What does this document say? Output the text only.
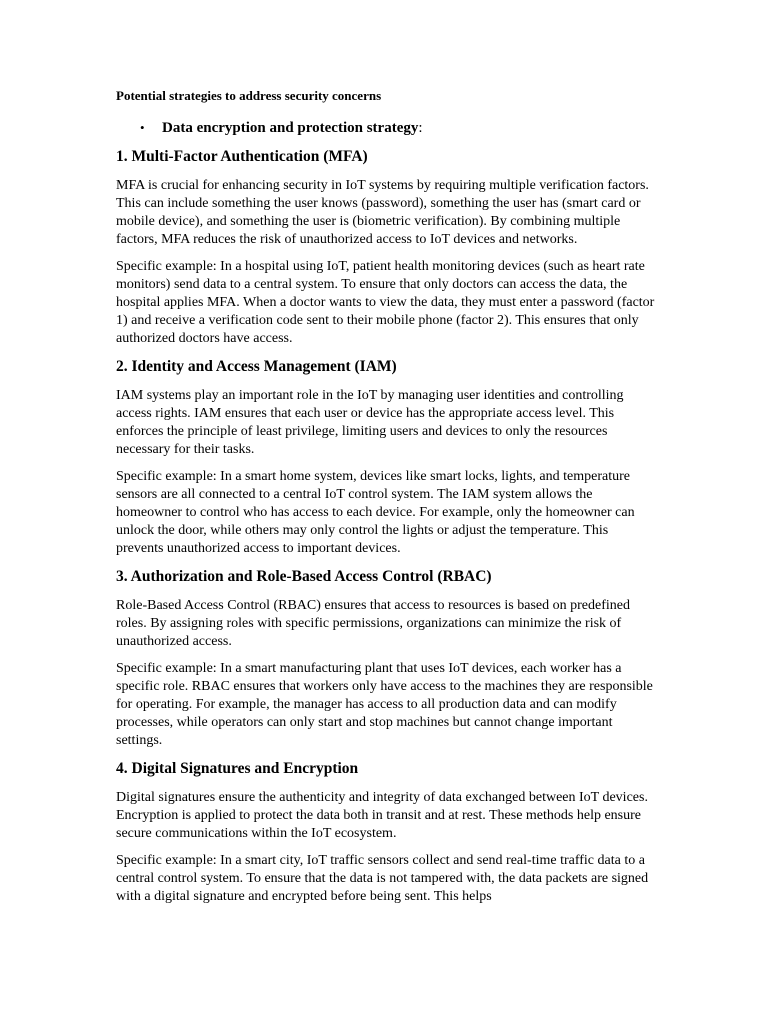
Potential strategies to address security concerns
•	Data encryption and protection strategy:
1. Multi-Factor Authentication (MFA)

MFA is crucial for enhancing security in IoT systems by requiring multiple verification factors. This can include something the user knows (password), something the user has (smart card or mobile device), and something the user is (biometric verification). By combining multiple factors, MFA reduces the risk of unauthorized access to IoT devices and networks.

Specific example: In a hospital using IoT, patient health monitoring devices (such as heart rate monitors) send data to a central system. To ensure that only doctors can access the data, the hospital applies MFA. When a doctor wants to view the data, they must enter a password (factor 1) and receive a verification code sent to their mobile phone (factor 2). This ensures that only authorized doctors have access.

2. Identity and Access Management (IAM)

IAM systems play an important role in the IoT by managing user identities and controlling access rights. IAM ensures that each user or device has the appropriate access level. This enforces the principle of least privilege, limiting users and devices to only the resources necessary for their tasks.

Specific example: In a smart home system, devices like smart locks, lights, and temperature sensors are all connected to a central IoT control system. The IAM system allows the homeowner to control who has access to each device. For example, only the homeowner can unlock the door, while others may only control the lights or adjust the temperature. This prevents unauthorized access to important devices.

3. Authorization and Role-Based Access Control (RBAC)

Role-Based Access Control (RBAC) ensures that access to resources is based on predefined roles. By assigning roles with specific permissions, organizations can minimize the risk of unauthorized access.

Specific example: In a smart manufacturing plant that uses IoT devices, each worker has a specific role. RBAC ensures that workers only have access to the machines they are responsible for operating. For example, the manager has access to all production data and can modify processes, while operators can only start and stop machines but cannot change important settings.

4. Digital Signatures and Encryption

Digital signatures ensure the authenticity and integrity of data exchanged between IoT devices. Encryption is applied to protect the data both in transit and at rest. These methods help ensure secure communications within the IoT ecosystem.

Specific example: In a smart city, IoT traffic sensors collect and send real-time traffic data to a central control system. To ensure that the data is not tampered with, the data packets are signed with a digital signature and encrypted before being sent. This helps
